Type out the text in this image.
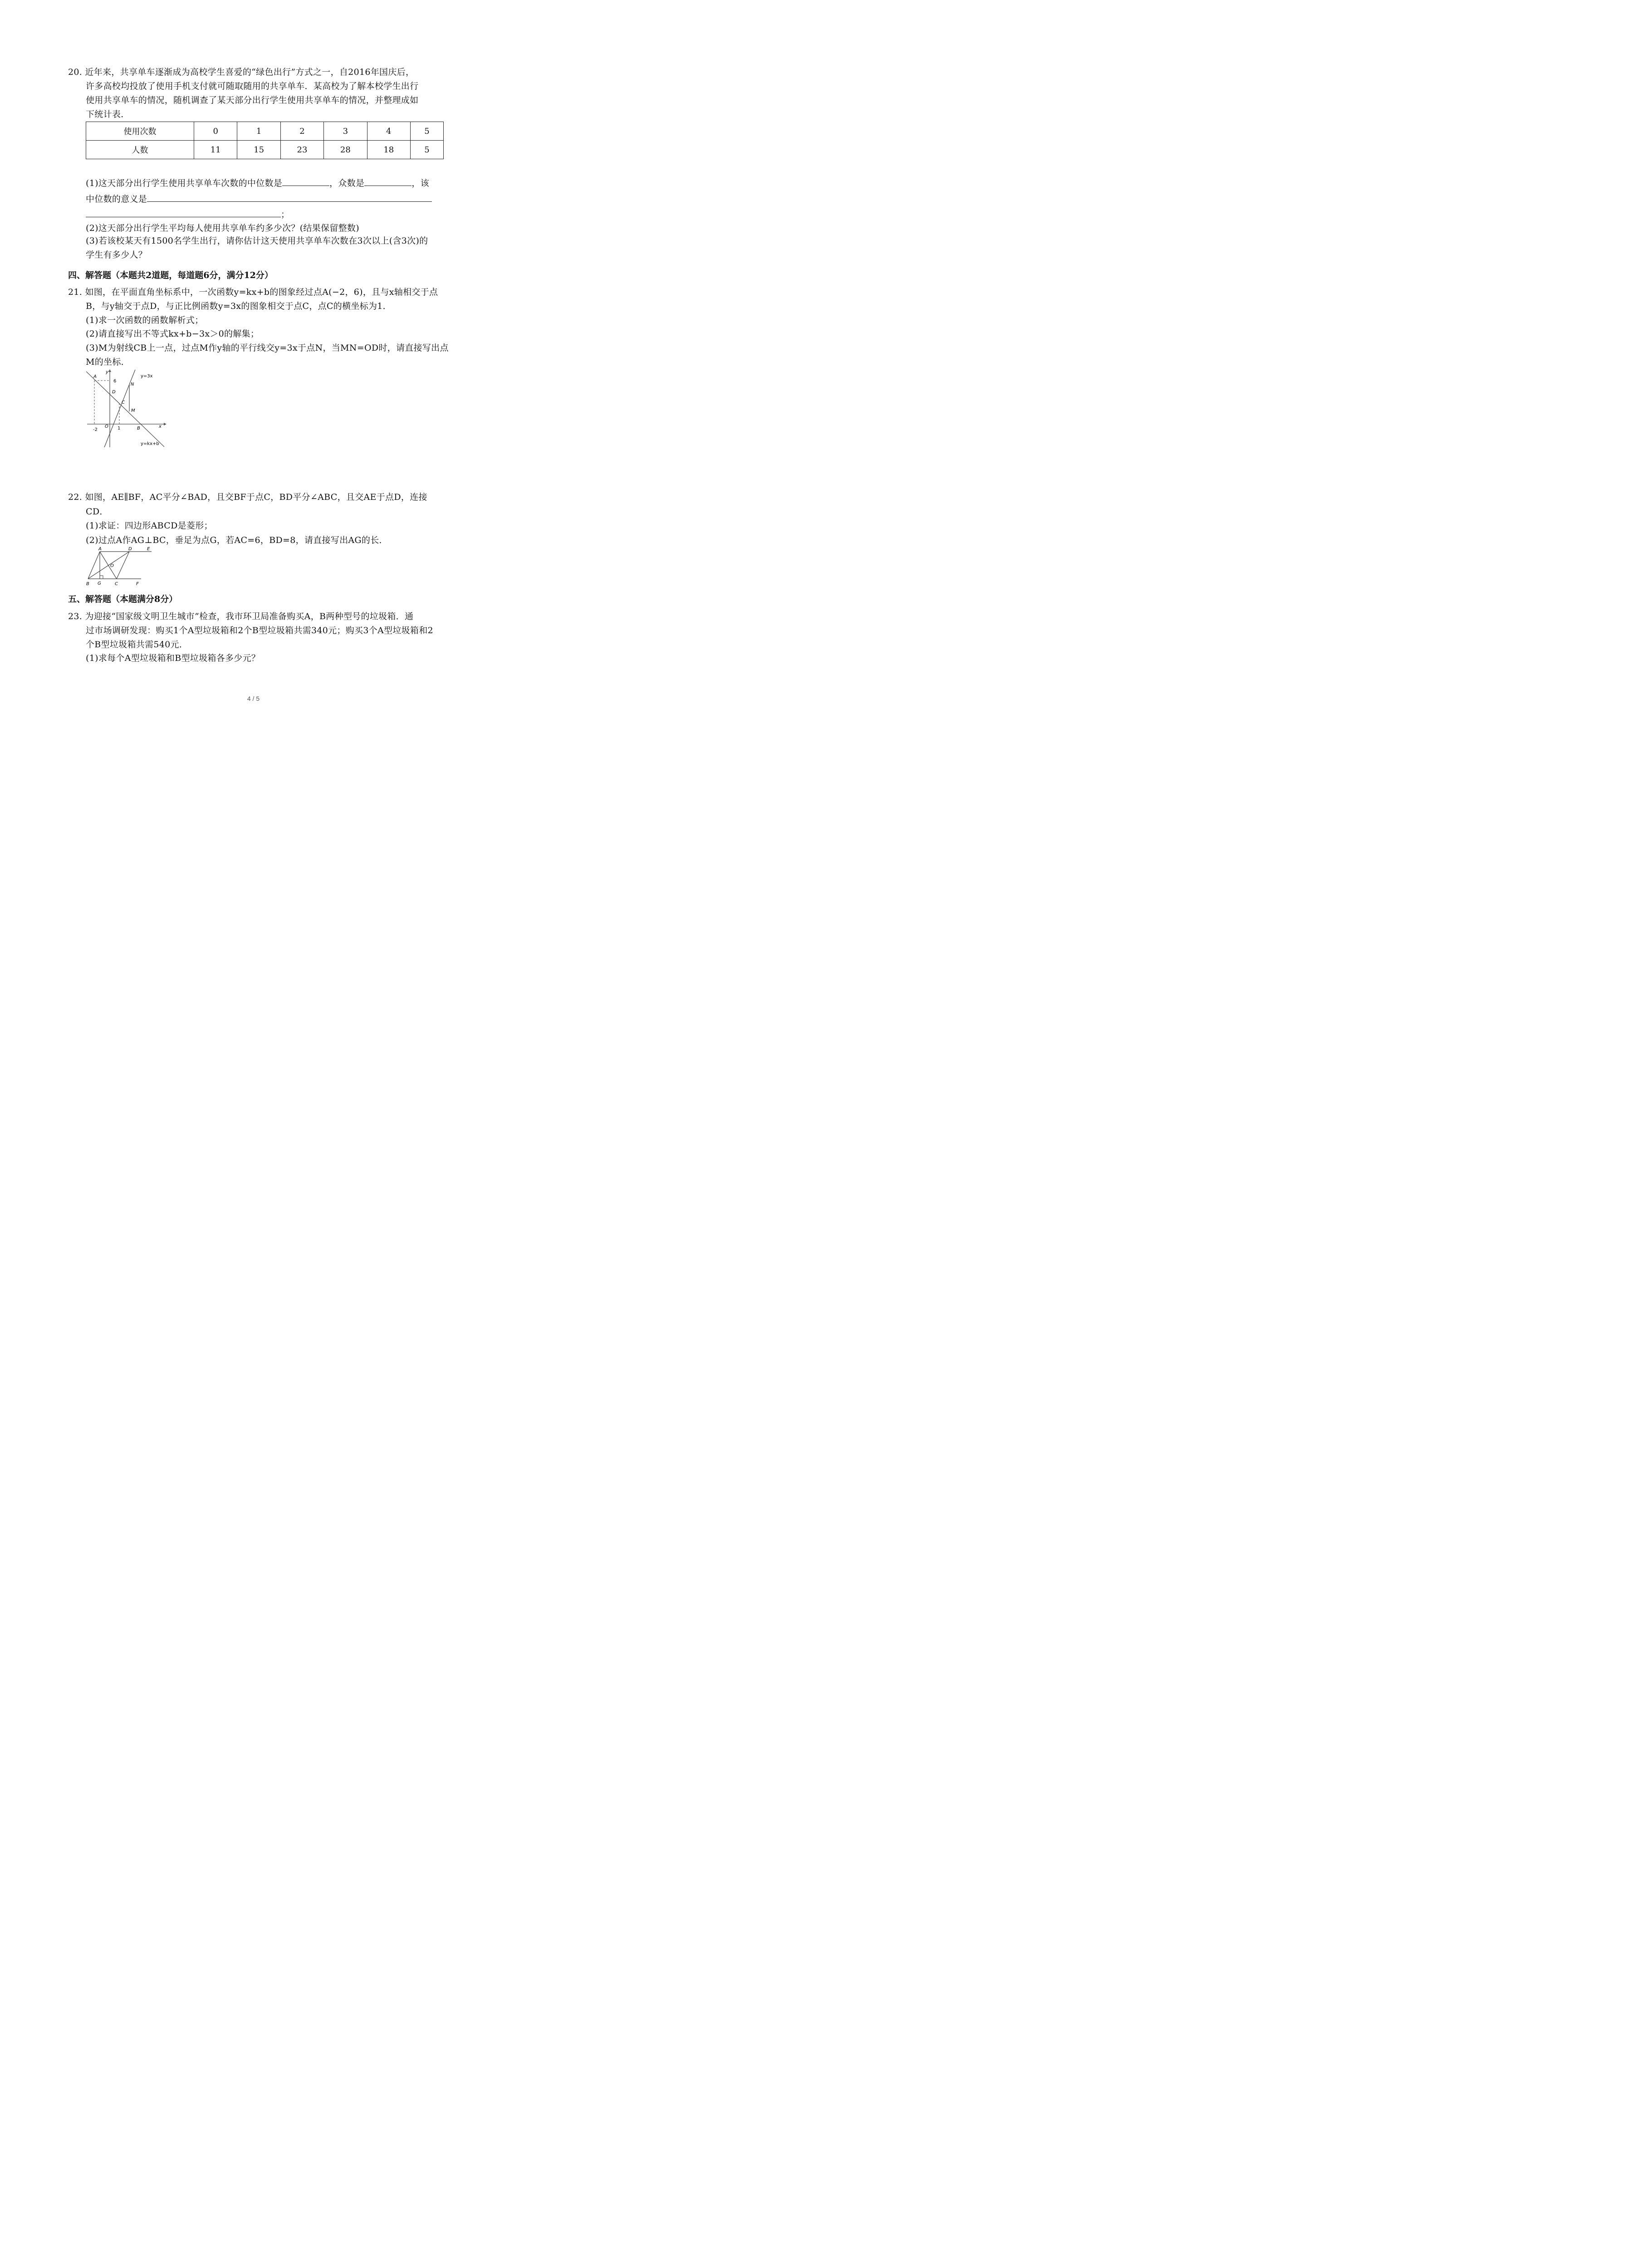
20. 近年来，共享单车逐渐成为高校学生喜爱的“绿色出行”方式之一，自2016年国庆后，
许多高校均投放了使用手机支付就可随取随用的共享单车．某高校为了解本校学生出行
使用共享单车的情况，随机调查了某天部分出行学生使用共享单车的情况，并整理成如
下统计表．
使用次数	0	1	2	3	4	5
人数	11	15	23	28	18	5
(1)这天部分出行学生使用共享单车次数的中位数是	，众数是	，该
中位数的意义是
；
(2)这天部分出行学生平均每人使用共享单车约多少次？(结果保留整数)
(3)若该校某天有1500名学生出行，请你估计这天使用共享单车次数在3次以上(含3次)的
学生有多少人？
四、解答题（本题共2道题，每道题6分，满分12分）
21. 如图，在平面直角坐标系中，一次函数y=kx+b的图象经过点A(−2，6)，且与x轴相交于点
B，与y轴交于点D，与正比例函数y=3x的图象相交于点C，点C的横坐标为1．
(1)求一次函数的函数解析式；
(2)请直接写出不等式kx+b−3x＞0的解集；
(3)M为射线CB上一点，过点M作y轴的平行线交y=3x于点N，当MN=OD时，请直接写出点
M的坐标．
A
y
6
y=3x
D
N
C
M
-2
O 1	B	x
y=kx+b
22. 如图，AE∥BF，AC平分∠BAD，且交BF于点C，BD平分∠ABC，且交AE于点D，连接
CD．
(1)求证：四边形ABCD是菱形；
(2)过点A作AG⊥BC，垂足为点G，若AC=6，BD=8，请直接写出AG的长．
A	D	E
O
B G	C	F
五、解答题（本题满分8分）
23. 为迎接“国家级文明卫生城市”检查，我市环卫局准备购买A，B两种型号的垃圾箱．通
过市场调研发现：购买1个A型垃圾箱和2个B型垃圾箱共需340元；购买3个A型垃圾箱和2
个B型垃圾箱共需540元．
(1)求每个A型垃圾箱和B型垃圾箱各多少元？
4 / 5
